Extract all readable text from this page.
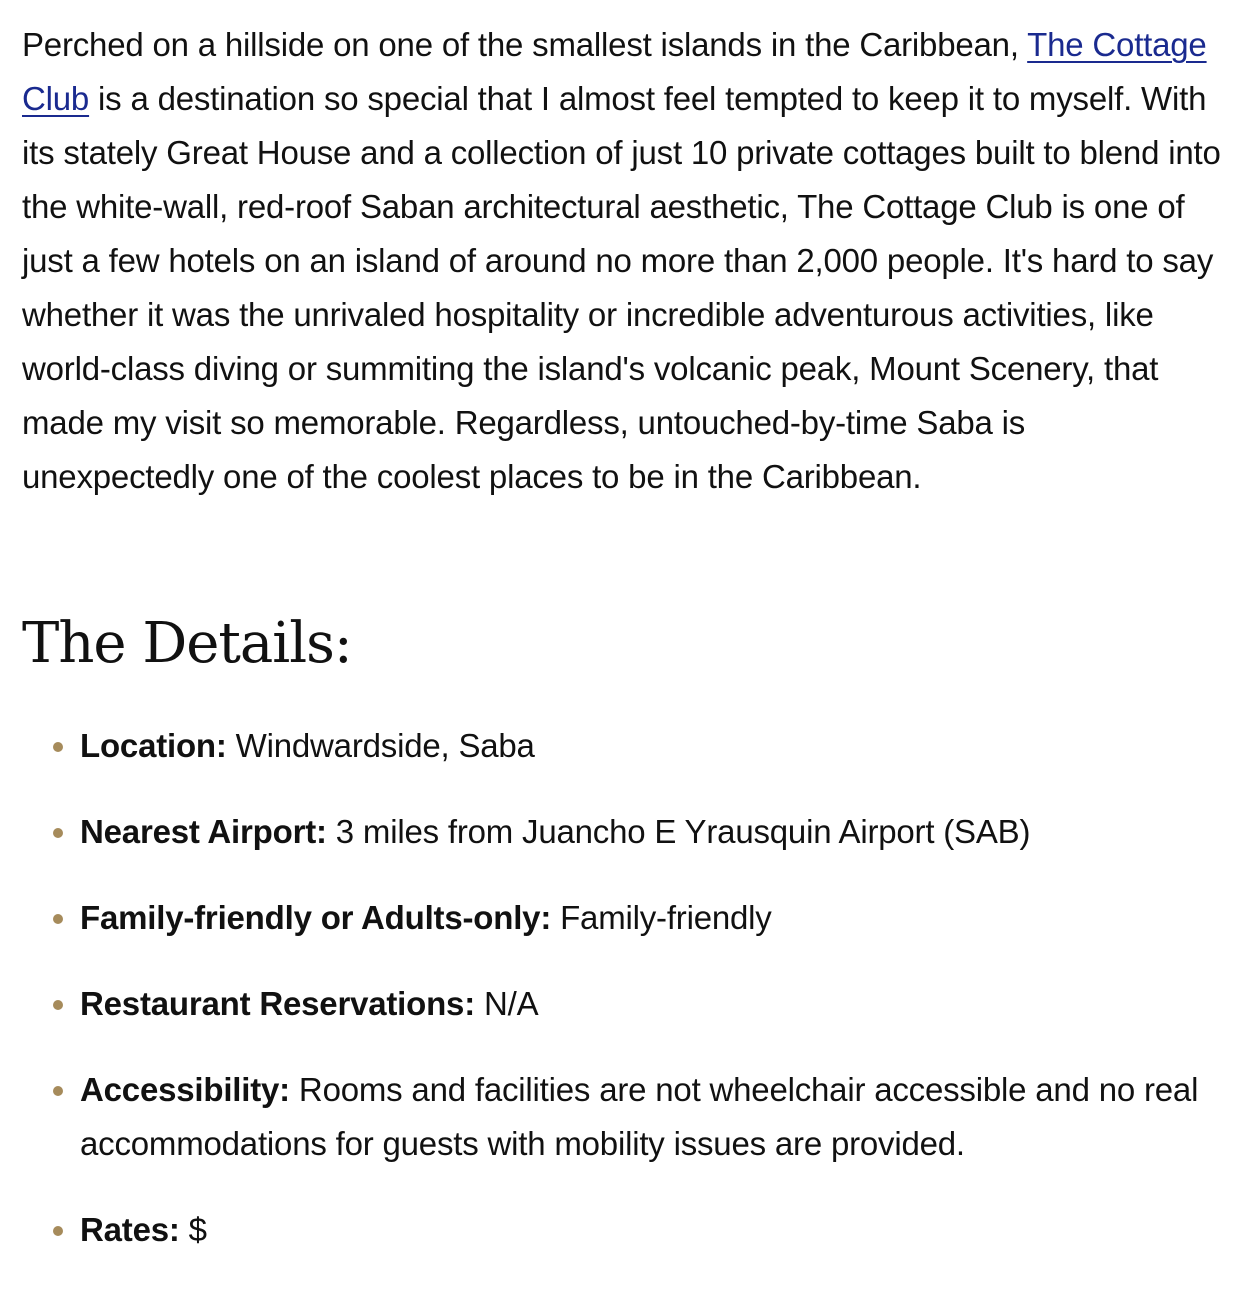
Perched on a hillside on one of the smallest islands in the Caribbean, The Cottage Club is a destination so special that I almost feel tempted to keep it to myself. With its stately Great House and a collection of just 10 private cottages built to blend into the white-wall, red-roof Saban architectural aesthetic, The Cottage Club is one of just a few hotels on an island of around no more than 2,000 people. It's hard to say whether it was the unrivaled hospitality or incredible adventurous activities, like world-class diving or summiting the island's volcanic peak, Mount Scenery, that made my visit so memorable. Regardless, untouched-by-time Saba is unexpectedly one of the coolest places to be in the Caribbean.

The Details:
Location: Windwardside, Saba
Nearest Airport: 3 miles from Juancho E Yrausquin Airport (SAB)
Family-friendly or Adults-only: Family-friendly
Restaurant Reservations: N/A
Accessibility: Rooms and facilities are not wheelchair accessible and no real accommodations for guests with mobility issues are provided.
Rates: $
